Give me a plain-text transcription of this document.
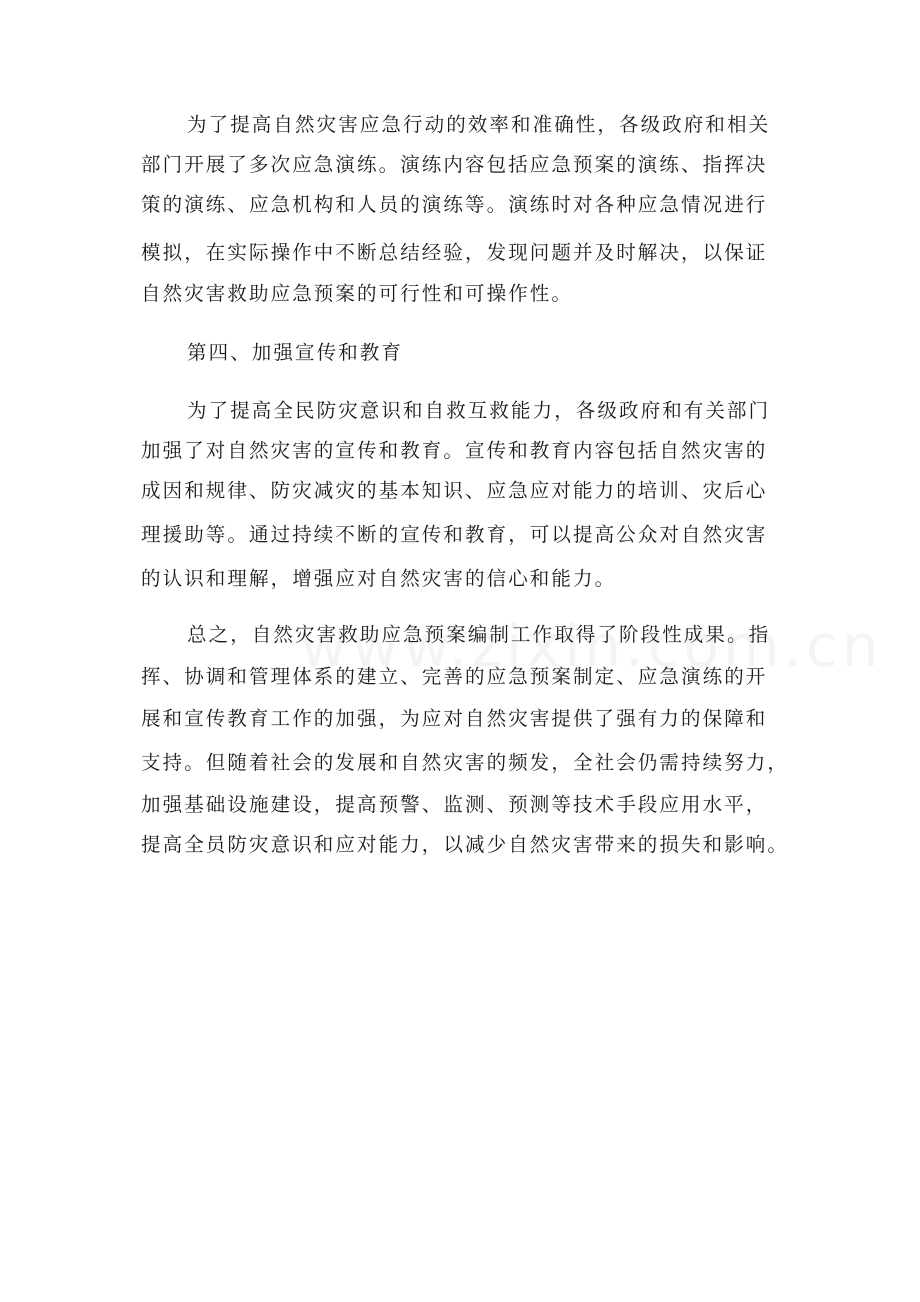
为了提高自然灾害应急行动的效率和准确性，各级政府和相关
部门开展了多次应急演练。演练内容包括应急预案的演练、指挥决
策的演练、应急机构和人员的演练等。演练时对各种应急情况进行
模拟，在实际操作中不断总结经验，发现问题并及时解决，以保证
自然灾害救助应急预案的可行性和可操作性。
第四、加强宣传和教育
为了提高全民防灾意识和自救互救能力，各级政府和有关部门
加强了对自然灾害的宣传和教育。宣传和教育内容包括自然灾害的
成因和规律、防灾减灾的基本知识、应急应对能力的培训、灾后心
理援助等。通过持续不断的宣传和教育，可以提高公众对自然灾害
的认识和理解，增强应对自然灾害的信心和能力。
总之，自然灾害救助应急预案编制工作取得了阶段性成果。指
挥、协调和管理体系的建立、完善的应急预案制定、应急演练的开
展和宣传教育工作的加强，为应对自然灾害提供了强有力的保障和
支持。但随着社会的发展和自然灾害的频发，全社会仍需持续努力，
加强基础设施建设，提高预警、监测、预测等技术手段应用水平，
提高全员防灾意识和应对能力，以减少自然灾害带来的损失和影响。
